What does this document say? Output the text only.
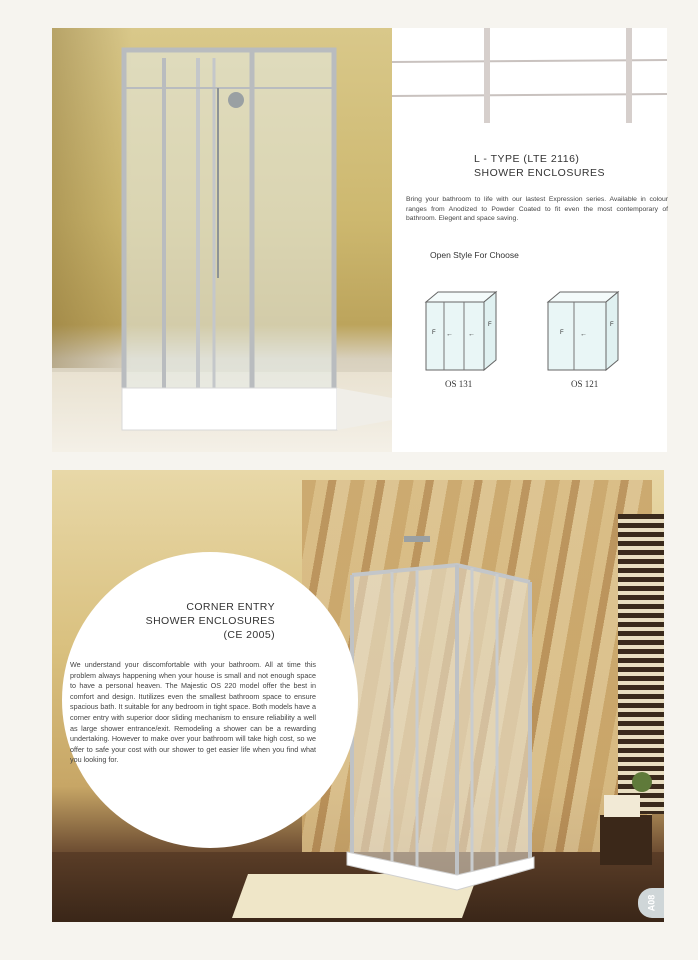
L - TYPE (LTE 2116)
SHOWER ENCLOSURES
Bring your bathroom to life with our lastest Expression series. Available in colour ranges from Anodized to Powder Coated to fit even the most contemporary of bathroom. Elegent and space saving.
Open Style For Choose
F ← ←
F
OS 131
F ←
F
OS 121
CORNER ENTRY
SHOWER ENCLOSURES
(CE 2005)
We understand your discomfortable with your bathroom. All at time this problem always happening when your house is small and not enough space to have a personal heaven. The Majestic OS 220 model offer the best in comfort and design. Itutilizes even the smallest bathroom space to ensure spacious bath. It suitable for any bedroom in tight space. Both models have a corner entry with superior door sliding mechanism to ensure reliability a well as large shower entrance/exit. Remodeling a shower can be a rewarding undertaking. However to make over your bathroom will take high cost, so we offer to safe your cost with our shower to get easier life when you find what you looking for.
A08
